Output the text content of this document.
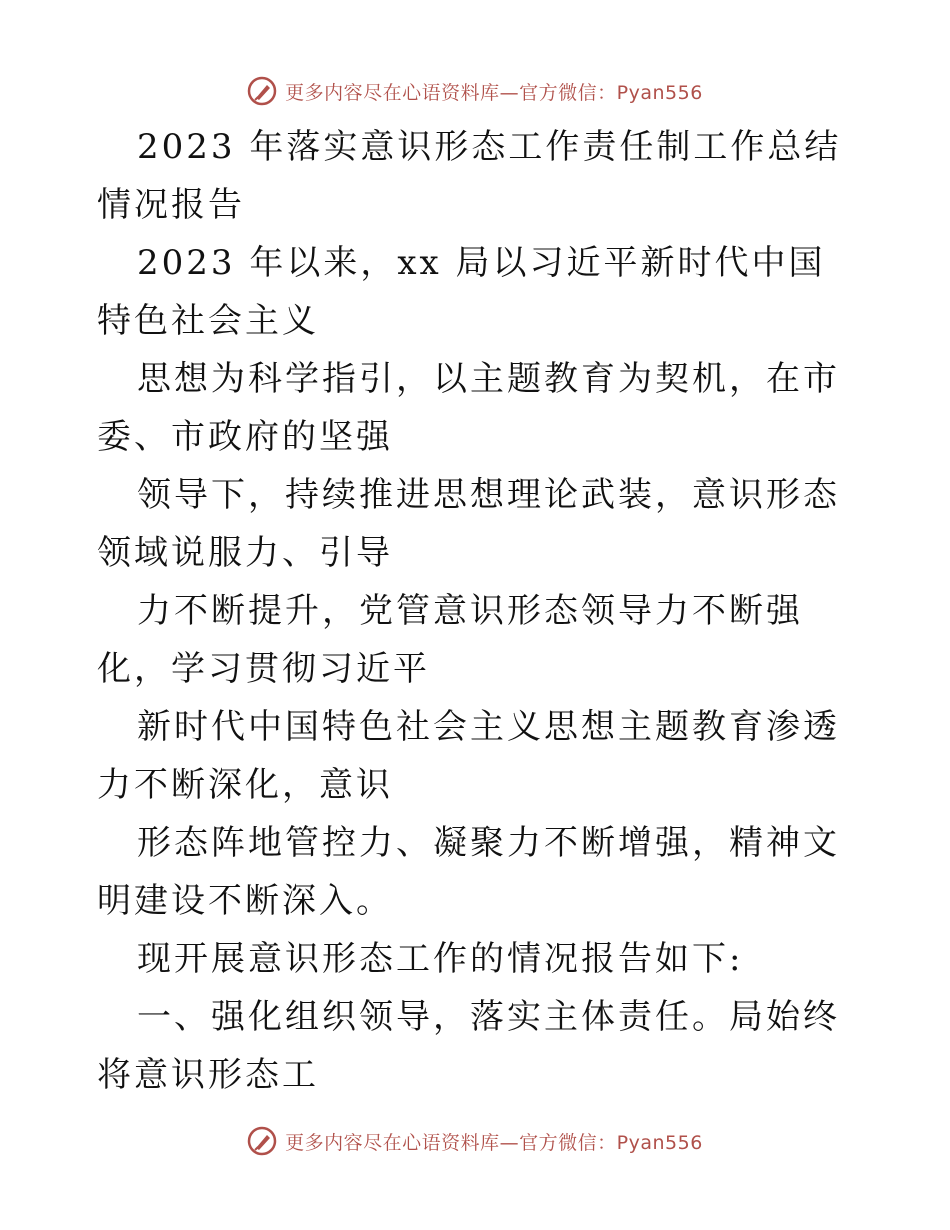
更多内容尽在心语资料库—官方微信：Pyan556

2023 年落实意识形态工作责任制工作总结情况报告

2023 年以来，xx 局以习近平新时代中国特色社会主义

思想为科学指引，以主题教育为契机，在市委、市政府的坚强

领导下，持续推进思想理论武装，意识形态领域说服力、引导

力不断提升，党管意识形态领导力不断强化，学习贯彻习近平

新时代中国特色社会主义思想主题教育渗透力不断深化，意识

形态阵地管控力、凝聚力不断增强，精神文明建设不断深入。

现开展意识形态工作的情况报告如下:

一、强化组织领导，落实主体责任。局始终将意识形态工

更多内容尽在心语资料库—官方微信：Pyan556
